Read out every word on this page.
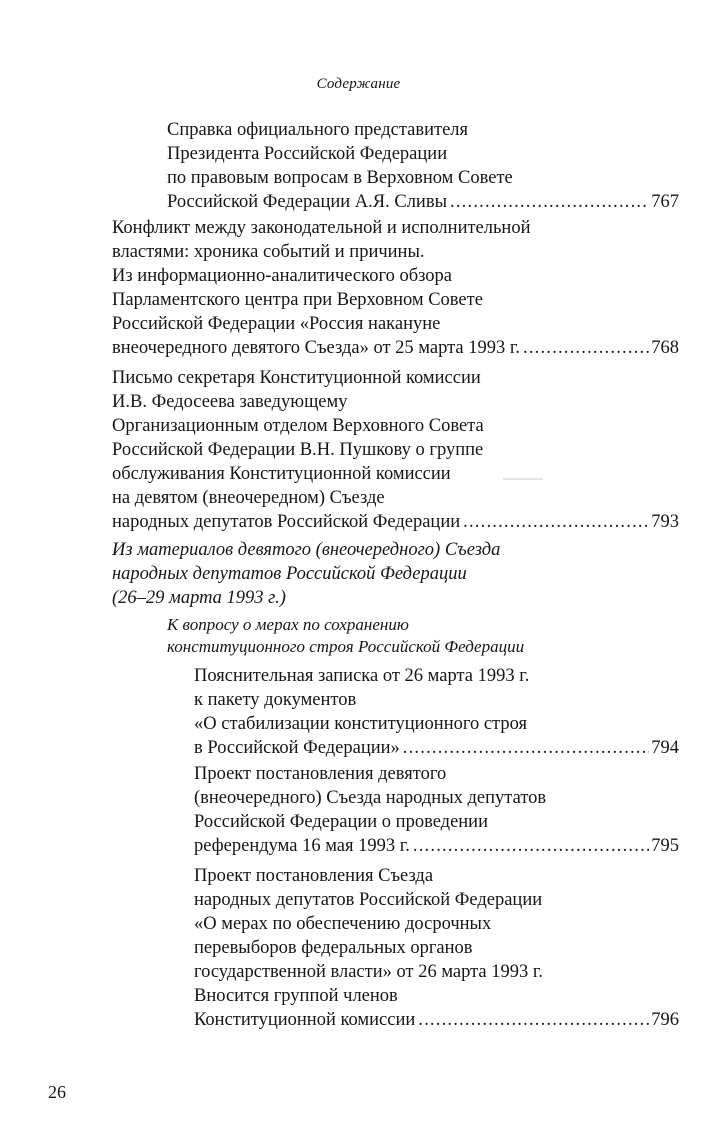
Содержание
Справка официального представителя
Президента Российской Федерации
по правовым вопросам в Верховном Совете
Российской Федерации А.Я. Сливы .....	767
Конфликт между законодательной и исполнительной
властями: хроника событий и причины.
Из информационно-аналитического обзора
Парламентского центра при Верховном Совете
Российской Федерации «Россия накануне
внеочередного девятого Съезда» от 25 марта 1993 г. .....	768
Письмо секретаря Конституционной комиссии
И.В. Федосеева заведующему
Организационным отделом Верховного Совета
Российской Федерации В.Н. Пушкову о группе
обслуживания Конституционной комиссии
на девятом (внеочередном) Съезде
народных депутатов Российской Федерации .....	793
Из материалов девятого (внеочередного) Съезда
народных депутатов Российской Федерации
(26–29 марта 1993 г.)
К вопросу о мерах по сохранению
конституционного строя Российской Федерации
Пояснительная записка от 26 марта 1993 г.
к пакету документов
«О стабилизации конституционного строя
в Российской Федерации» .....	794
Проект постановления девятого
(внеочередного) Съезда народных депутатов
Российской Федерации о проведении
референдума 16 мая 1993 г. .....	795
Проект постановления Съезда
народных депутатов Российской Федерации
«О мерах по обеспечению досрочных
перевыборов федеральных органов
государственной власти» от 26 марта 1993 г.
Вносится группой членов
Конституционной комиссии .....	796
26
